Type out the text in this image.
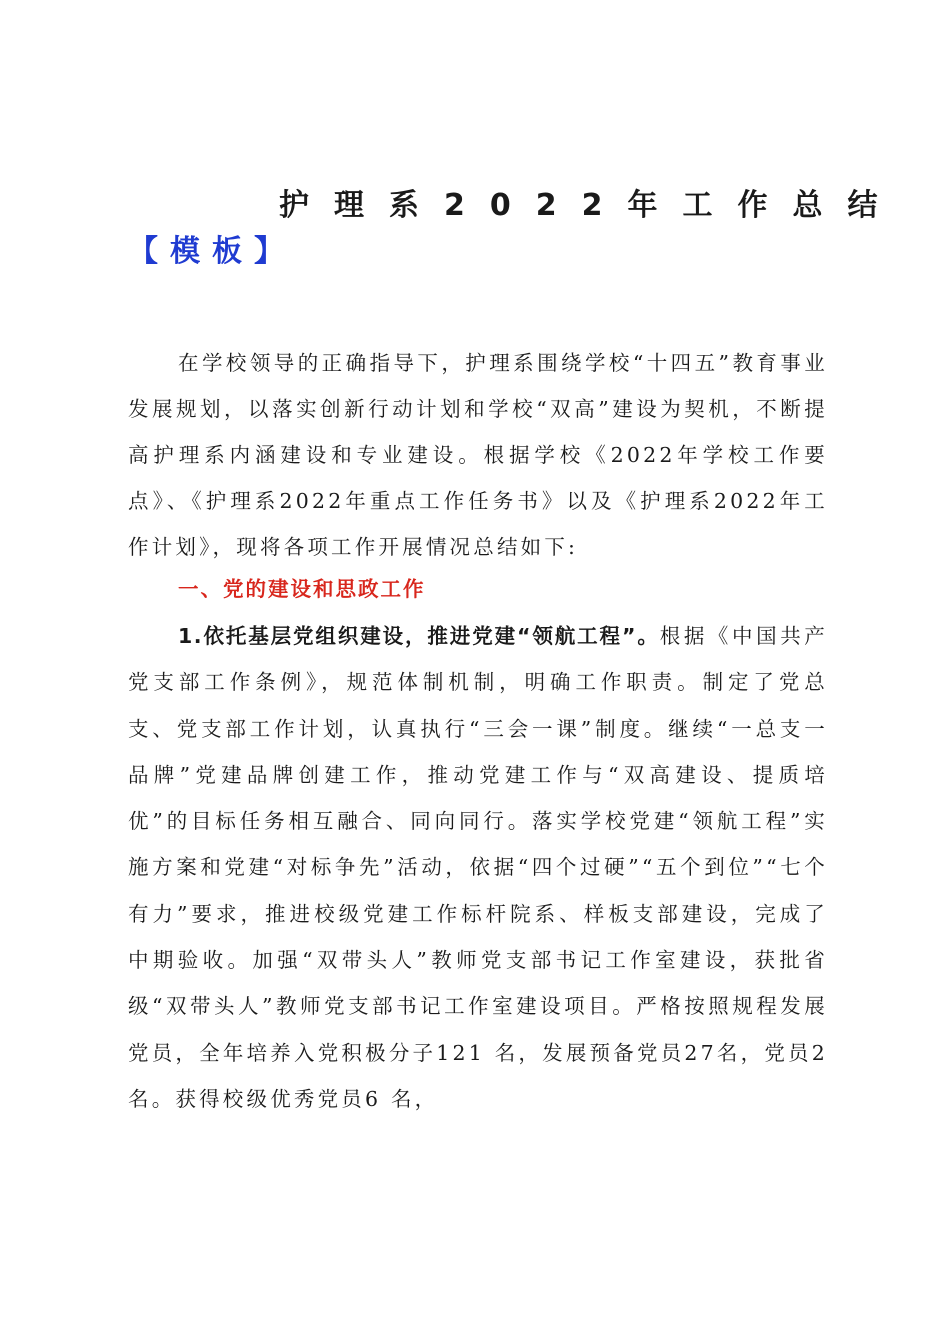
护理系2022年工作总结
【模板】

在学校领导的正确指导下，护理系围绕学校“十四五”教育事业发展规划，以落实创新行动计划和学校“双高”建设为契机，不断提高护理系内涵建设和专业建设。根据学校《2022年学校工作要点》、《护理系2022年重点工作任务书》以及《护理系2022年工作计划》，现将各项工作开展情况总结如下:

一、党的建设和思政工作

1.依托基层党组织建设，推进党建“领航工程”。根据《中国共产党支部工作条例》，规范体制机制，明确工作职责。制定了党总支、党支部工作计划，认真执行“三会一课”制度。继续“一总支一品牌”党建品牌创建工作，推动党建工作与“双高建设、提质培优”的目标任务相互融合、同向同行。落实学校党建“领航工程”实施方案和党建“对标争先”活动，依据“四个过硬”“五个到位”“七个有力”要求，推进校级党建工作标杆院系、样板支部建设，完成了中期验收。加强“双带头人”教师党支部书记工作室建设，获批省级“双带头人”教师党支部书记工作室建设项目。严格按照规程发展党员，全年培养入党积极分子121 名，发展预备党员27名，党员2 名。获得校级优秀党员6 名，
